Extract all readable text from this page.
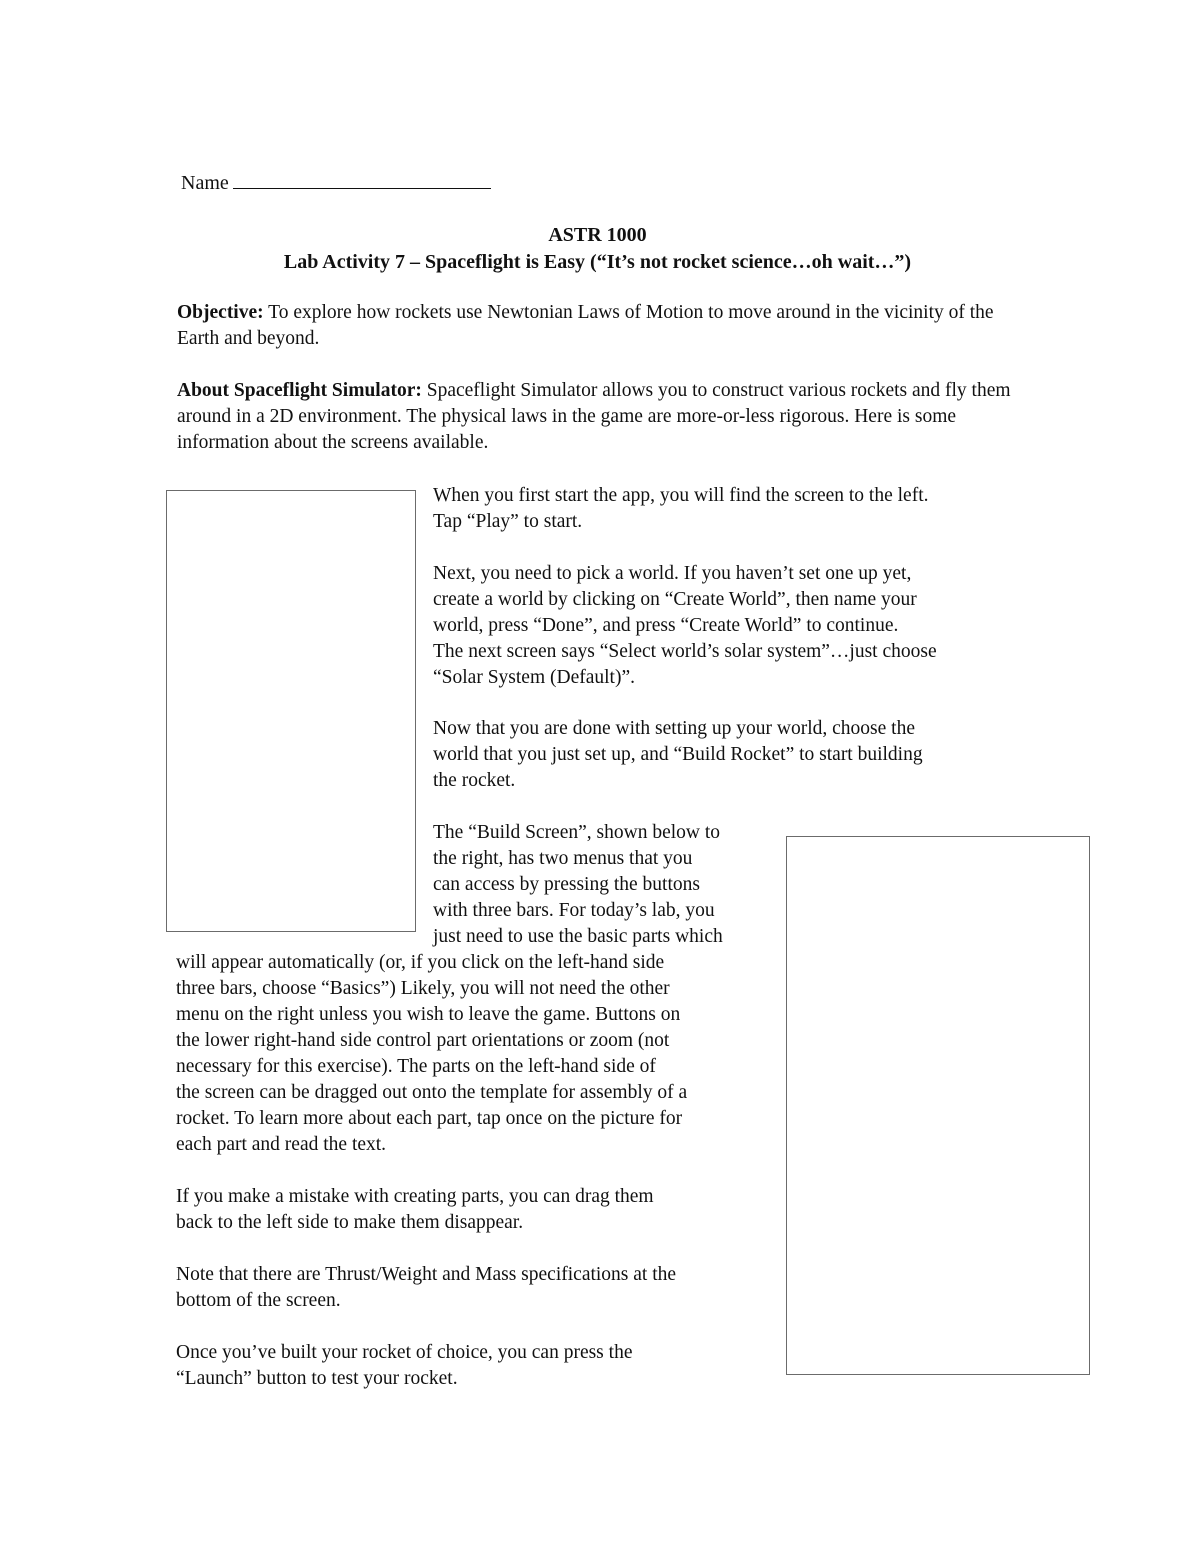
Name
ASTR 1000
Lab Activity 7 – Spaceflight is Easy (“It’s not rocket science…oh wait…”)

Objective: To explore how rockets use Newtonian Laws of Motion to move around in the vicinity of the Earth and beyond.

About Spaceflight Simulator: Spaceflight Simulator allows you to construct various rockets and fly them around in a 2D environment. The physical laws in the game are more-or-less rigorous. Here is some information about the screens available.

When you first start the app, you will find the screen to the left.
Tap “Play” to start.
Next, you need to pick a world. If you haven’t set one up yet,
create a world by clicking on “Create World”, then name your
world, press “Done”, and press “Create World” to continue.
The next screen says “Select world’s solar system”…just choose
“Solar System (Default)”.
Now that you are done with setting up your world, choose the
world that you just set up, and “Build Rocket” to start building
the rocket.
The “Build Screen”, shown below to
the right, has two menus that you
can access by pressing the buttons
with three bars. For today’s lab, you
just need to use the basic parts which
will appear automatically (or, if you click on the left-hand side
three bars, choose “Basics”) Likely, you will not need the other
menu on the right unless you wish to leave the game. Buttons on
the lower right-hand side control part orientations or zoom (not
necessary for this exercise). The parts on the left-hand side of
the screen can be dragged out onto the template for assembly of a
rocket. To learn more about each part, tap once on the picture for
each part and read the text.
If you make a mistake with creating parts, you can drag them
back to the left side to make them disappear.
Note that there are Thrust/Weight and Mass specifications at the
bottom of the screen.
Once you’ve built your rocket of choice, you can press the
“Launch” button to test your rocket.
